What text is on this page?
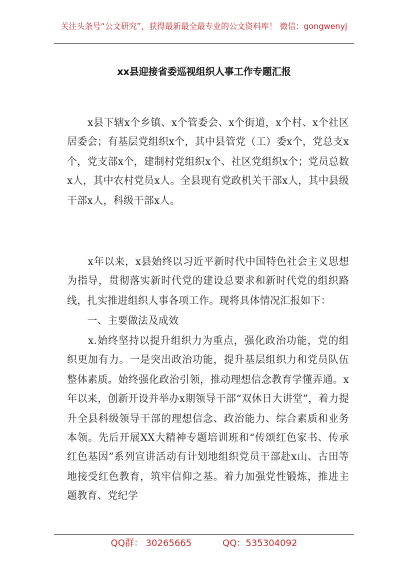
关注头条号“公文研究”，获得最新最全最专业的公文资料库！ 微信：gongwenyj
xx县迎接省委巡视组织人事工作专题汇报

　　x县下辖x个乡镇、x个管委会、x个街道，x个村、x个社区居委会；有基层党组织x个，其中县管党（工）委x个，党总支x个，党支部x个，建制村党组织x个、社区党组织x个；党员总数x人，其中农村党员x人。全县现有党政机关干部x人，其中县级干部x人，科级干部x人。

　　x年以来，x县始终以习近平新时代中国特色社会主义思想为指导，贯彻落实新时代党的建设总要求和新时代党的组织路线，扎实推进组织人事各项工作。现将具体情况汇报如下：

　　一、主要做法及成效

　　x.始终坚持以提升组织力为重点，强化政治功能，党的组织更加有力。一是突出政治功能，提升基层组织力和党员队伍整体素质。始终强化政治引领，推动理想信念教育学懂弄通。x年以来，创新开设并举办x期领导干部“双休日大讲堂”，着力提升全县科级领导干部的理想信念、政治能力、综合素质和业务本领。先后开展XX大精神专题培训班和“传颂红色家书、传承红色基因”系列宣讲活动有计划地组织党员干部赴x山、古田等地接受红色教育，筑牢信仰之基。着力加强党性锻炼，推进主题教育、党纪学

QQ群： 30265665	QQ：535304092
